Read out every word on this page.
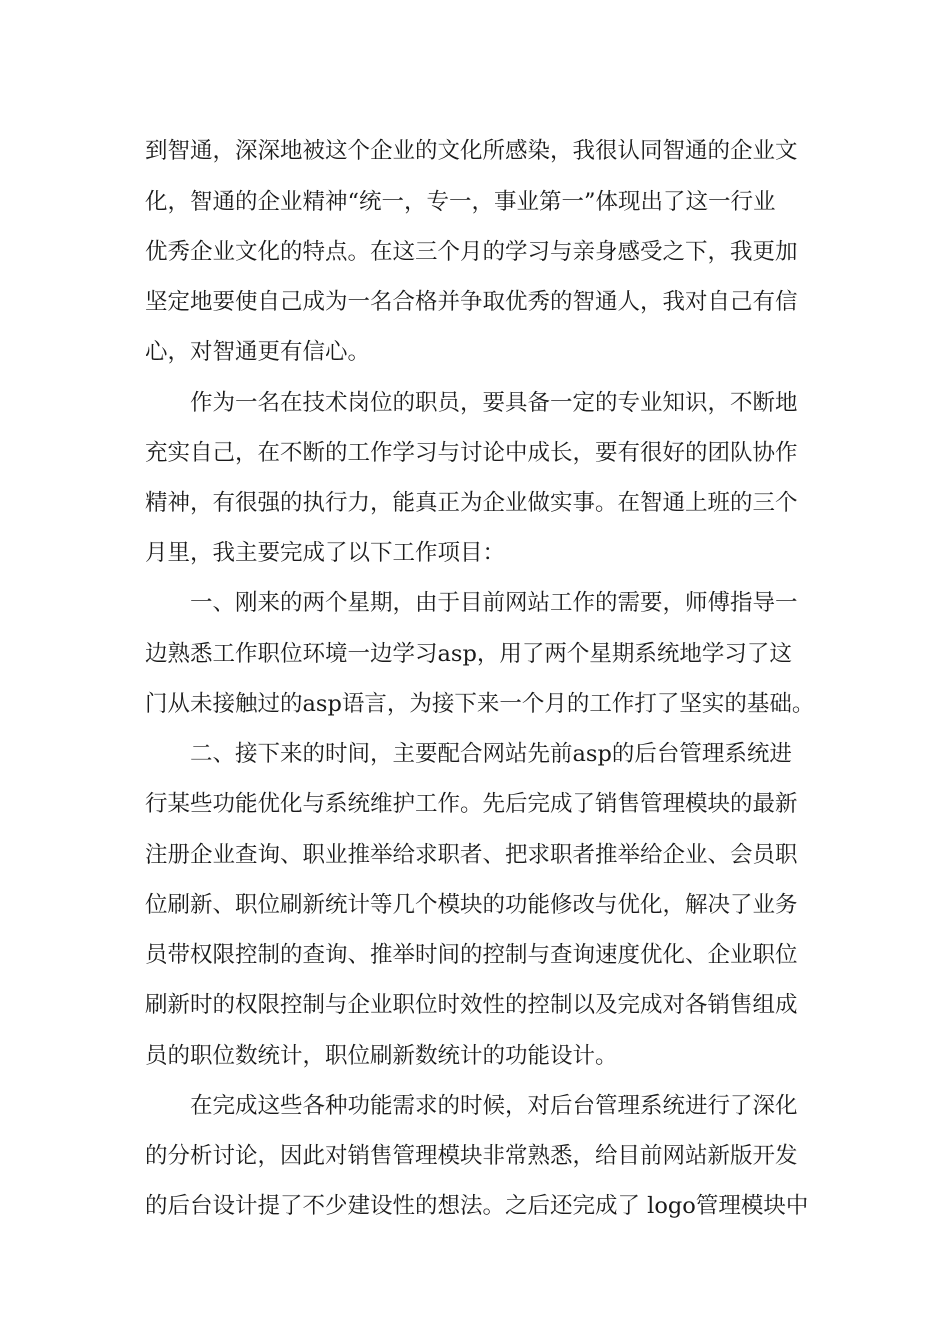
到智通，深深地被这个企业的文化所感染，我很认同智通的企业文
化，智通的企业精神“统一，专一，事业第一”体现出了这一行业
优秀企业文化的特点。在这三个月的学习与亲身感受之下，我更加
坚定地要使自己成为一名合格并争取优秀的智通人，我对自己有信
心，对智通更有信心。
作为一名在技术岗位的职员，要具备一定的专业知识，不断地
充实自己，在不断的工作学习与讨论中成长，要有很好的团队协作
精神，有很强的执行力，能真正为企业做实事。在智通上班的三个
月里，我主要完成了以下工作项目：
一、刚来的两个星期，由于目前网站工作的需要，师傅指导一
边熟悉工作职位环境一边学习asp，用了两个星期系统地学习了这
门从未接触过的asp语言，为接下来一个月的工作打了坚实的基础。
二、接下来的时间，主要配合网站先前asp的后台管理系统进
行某些功能优化与系统维护工作。先后完成了销售管理模块的最新
注册企业查询、职业推举给求职者、把求职者推举给企业、会员职
位刷新、职位刷新统计等几个模块的功能修改与优化，解决了业务
员带权限控制的查询、推举时间的控制与查询速度优化、企业职位
刷新时的权限控制与企业职位时效性的控制以及完成对各销售组成
员的职位数统计，职位刷新数统计的功能设计。
在完成这些各种功能需求的时候，对后台管理系统进行了深化
的分析讨论，因此对销售管理模块非常熟悉，给目前网站新版开发
的后台设计提了不少建设性的想法。之后还完成了 logo管理模块中
